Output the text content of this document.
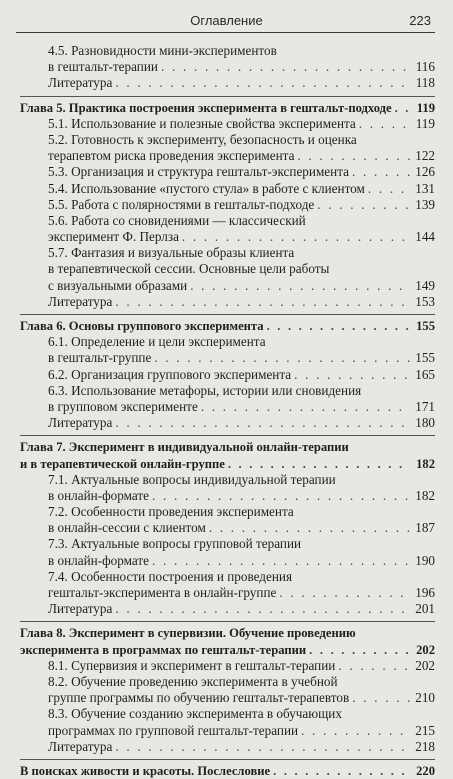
Оглавление	223
4.5. Разновидности мини-экспериментов
в гештальт-терапии . . .	116
Литература . . .	118
Глава 5. Практика построения эксперимента в гештальт-подходе . . .	119
5.1. Использование и полезные свойства эксперимента . . .	119
5.2. Готовность к эксперименту, безопасность и оценка
терапевтом риска проведения эксперимента . . .	122
5.3. Организация и структура гештальт-эксперимента . . .	126
5.4. Использование «пустого стула» в работе с клиентом . . .	131
5.5. Работа с полярностями в гештальт-подходе . . .	139
5.6. Работа со сновидениями — классический
эксперимент Ф. Перлза . . .	144
5.7. Фантазия и визуальные образы клиента
в терапевтической сессии. Основные цели работы
с визуальными образами . . .	149
Литература . . .	153
Глава 6. Основы группового эксперимента . . .	155
6.1. Определение и цели эксперимента
в гештальт-группе . . .	155
6.2. Организация группового эксперимента . . .	165
6.3. Использование метафоры, истории или сновидения
в групповом эксперименте . . .	171
Литература . . .	180
Глава 7. Эксперимент в индивидуальной онлайн-терапии
и в терапевтической онлайн-группе . . .	182
7.1. Актуальные вопросы индивидуальной терапии
в онлайн-формате . . .	182
7.2. Особенности проведения эксперимента
в онлайн-сессии с клиентом . . .	187
7.3. Актуальные вопросы групповой терапии
в онлайн-формате . . .	190
7.4. Особенности построения и проведения
гештальт-эксперимента в онлайн-группе . . .	196
Литература . . .	201
Глава 8. Эксперимент в супервизии. Обучение проведению
эксперимента в программах по гештальт-терапии . . .	202
8.1. Супервизия и эксперимент в гештальт-терапии . . .	202
8.2. Обучение проведению эксперимента в учебной
группе программы по обучению гештальт-терапевтов . . .	210
8.3. Обучение созданию эксперимента в обучающих
программах по групповой гештальт-терапии . . .	215
Литература . . .	218
В поисках живости и красоты. Послесловие . . .	220
